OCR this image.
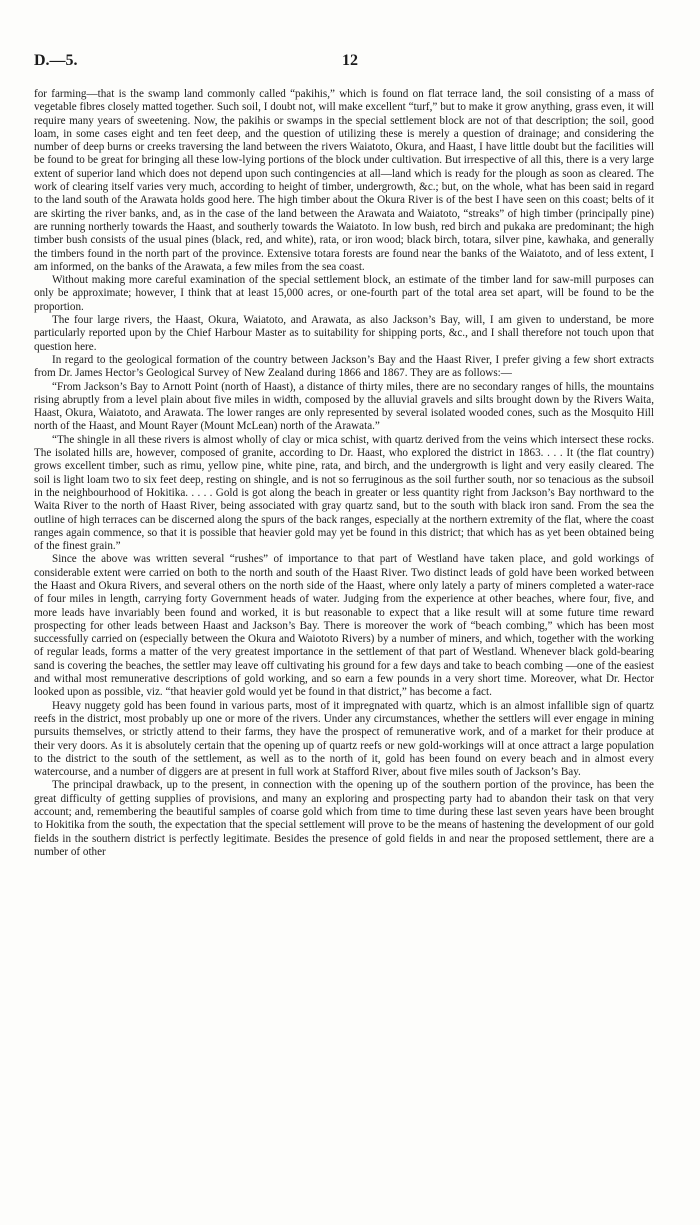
D.—5.	12

for farming—that is the swamp land commonly called “pakihis,” which is found on flat terrace land, the soil consisting of a mass of vegetable fibres closely matted together. Such soil, I doubt not, will make excellent “turf,” but to make it grow anything, grass even, it will require many years of sweetening. Now, the pakihis or swamps in the special settlement block are not of that description; the soil, good loam, in some cases eight and ten feet deep, and the question of utilizing these is merely a question of drainage; and considering the number of deep burns or creeks traversing the land between the rivers Waiatoto, Okura, and Haast, I have little doubt but the facilities will be found to be great for bringing all these low-lying portions of the block under cultivation. But irrespective of all this, there is a very large extent of superior land which does not depend upon such contingencies at all—land which is ready for the plough as soon as cleared. The work of clearing itself varies very much, according to height of timber, undergrowth, &c.; but, on the whole, what has been said in regard to the land south of the Arawata holds good here. The high timber about the Okura River is of the best I have seen on this coast; belts of it are skirting the river banks, and, as in the case of the land between the Arawata and Waiatoto, “streaks” of high timber (principally pine) are running northerly towards the Haast, and southerly towards the Waiatoto. In low bush, red birch and pukaka are predominant; the high timber bush consists of the usual pines (black, red, and white), rata, or iron wood; black birch, totara, silver pine, kawhaka, and generally the timbers found in the north part of the province. Extensive totara forests are found near the banks of the Waiatoto, and of less extent, I am informed, on the banks of the Arawata, a few miles from the sea coast.

Without making more careful examination of the special settlement block, an estimate of the timber land for saw-mill purposes can only be approximate; however, I think that at least 15,000 acres, or one-fourth part of the total area set apart, will be found to be the proportion.

The four large rivers, the Haast, Okura, Waiatoto, and Arawata, as also Jackson’s Bay, will, I am given to understand, be more particularly reported upon by the Chief Harbour Master as to suitability for shipping ports, &c., and I shall therefore not touch upon that question here.

In regard to the geological formation of the country between Jackson’s Bay and the Haast River, I prefer giving a few short extracts from Dr. James Hector’s Geological Survey of New Zealand during 1866 and 1867. They are as follows:—

“From Jackson’s Bay to Arnott Point (north of Haast), a distance of thirty miles, there are no secondary ranges of hills, the mountains rising abruptly from a level plain about five miles in width, composed by the alluvial gravels and silts brought down by the Rivers Waita, Haast, Okura, Waiatoto, and Arawata. The lower ranges are only represented by several isolated wooded cones, such as the Mosquito Hill north of the Haast, and Mount Rayer (Mount McLean) north of the Arawata.”

“The shingle in all these rivers is almost wholly of clay or mica schist, with quartz derived from the veins which intersect these rocks. The isolated hills are, however, composed of granite, according to Dr. Haast, who explored the district in 1863. . . . It (the flat country) grows excellent timber, such as rimu, yellow pine, white pine, rata, and birch, and the undergrowth is light and very easily cleared. The soil is light loam two to six feet deep, resting on shingle, and is not so ferruginous as the soil further south, nor so tenacious as the subsoil in the neighbourhood of Hokitika. . . . . Gold is got along the beach in greater or less quantity right from Jackson’s Bay northward to the Waita River to the north of Haast River, being associated with gray quartz sand, but to the south with black iron sand. From the sea the outline of high terraces can be discerned along the spurs of the back ranges, especially at the northern extremity of the flat, where the coast ranges again commence, so that it is possible that heavier gold may yet be found in this district; that which has as yet been obtained being of the finest grain.”

Since the above was written several “rushes” of importance to that part of Westland have taken place, and gold workings of considerable extent were carried on both to the north and south of the Haast River. Two distinct leads of gold have been worked between the Haast and Okura Rivers, and several others on the north side of the Haast, where only lately a party of miners completed a water-race of four miles in length, carrying forty Government heads of water. Judging from the experience at other beaches, where four, five, and more leads have invariably been found and worked, it is but reasonable to expect that a like result will at some future time reward prospecting for other leads between Haast and Jackson’s Bay. There is moreover the work of “beach combing,” which has been most successfully carried on (especially between the Okura and Waiototo Rivers) by a number of miners, and which, together with the working of regular leads, forms a matter of the very greatest importance in the settlement of that part of Westland. Whenever black gold-bearing sand is covering the beaches, the settler may leave off cultivating his ground for a few days and take to beach combing —one of the easiest and withal most remunerative descriptions of gold working, and so earn a few pounds in a very short time. Moreover, what Dr. Hector looked upon as possible, viz. “that heavier gold would yet be found in that district,” has become a fact.

Heavy nuggety gold has been found in various parts, most of it impregnated with quartz, which is an almost infallible sign of quartz reefs in the district, most probably up one or more of the rivers. Under any circumstances, whether the settlers will ever engage in mining pursuits themselves, or strictly attend to their farms, they have the prospect of remunerative work, and of a market for their produce at their very doors. As it is absolutely certain that the opening up of quartz reefs or new gold-workings will at once attract a large population to the district to the south of the settlement, as well as to the north of it, gold has been found on every beach and in almost every watercourse, and a number of diggers are at present in full work at Stafford River, about five miles south of Jackson’s Bay.

The principal drawback, up to the present, in connection with the opening up of the southern portion of the province, has been the great difficulty of getting supplies of provisions, and many an exploring and prospecting party had to abandon their task on that very account; and, remembering the beautiful samples of coarse gold which from time to time during these last seven years have been brought to Hokitika from the south, the expectation that the special settlement will prove to be the means of hastening the development of our gold fields in the southern district is perfectly legitimate. Besides the presence of gold fields in and near the proposed settlement, there are a number of other
